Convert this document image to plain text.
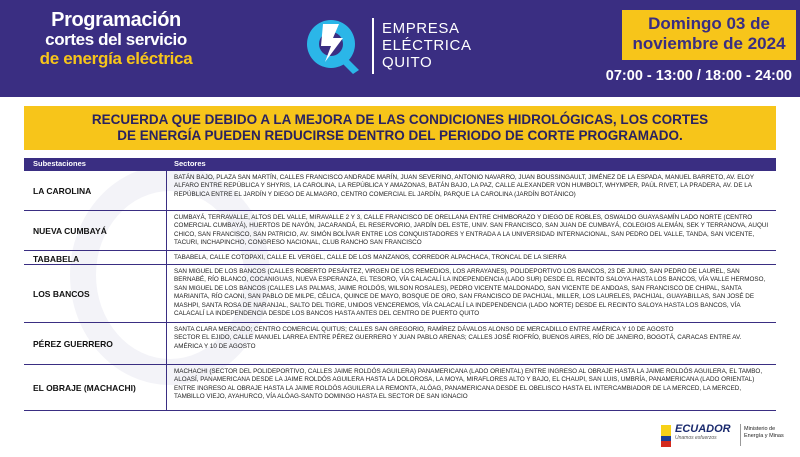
Programación
cortes del servicio
de energía eléctrica
EMPRESA
ELÉCTRICA
QUITO
Domingo 03 de
noviembre de 2024
07:00 - 13:00 / 18:00 - 24:00
RECUERDA QUE DEBIDO A LA MEJORA DE LAS CONDICIONES HIDROLÓGICAS, LOS CORTES
DE ENERGÍA PUEDEN REDUCIRSE DENTRO DEL PERIODO DE CORTE PROGRAMADO.
Subestaciones	Sectores
LA CAROLINA

BATÁN BAJO, PLAZA SAN MARTÍN, CALLES FRANCISCO ANDRADE MARÍN, JUAN SEVERINO, ANTONIO NAVARRO, JUAN BOUSSINGAULT, JIMÉNEZ DE LA ESPADA, MANUEL BARRETO, AV. ELOY ALFARO ENTRE REPÚBLICA Y SHYRIS, LA CAROLINA, LA REPÚBLICA Y AMAZONAS, BATÁN BAJO, LA PAZ, CALLE ALEXANDER VON HUMBOLT, WHYMPER, PAÚL RIVET, LA PRADERA, AV. DE LA REPÚBLICA ENTRE EL JARDÍN Y DIEGO DE ALMAGRO, CENTRO COMERCIAL EL JARDÍN, PARQUE LA CAROLINA (JARDÍN BOTÁNICO)

NUEVA CUMBAYÁ

CUMBAYÁ, TERRAVALLE, ALTOS DEL VALLE, MIRAVALLE 2 Y 3, CALLE FRANCISCO DE ORELLANA ENTRE CHIMBORAZO Y DIEGO DE ROBLES, OSWALDO GUAYASAMÍN LADO NORTE (CENTRO COMERCIAL CUMBAYÁ), HUERTOS DE NAYÓN, JACARANDÁ, EL RESERVORIO, JARDÍN DEL ESTE, UNIV. SAN FRANCISCO, SAN JUAN DE CUMBAYÁ, COLEGIOS ALEMÁN, SEK Y TERRANOVA, AUQUI CHICO, SAN FRANCISCO, SAN PATRICIO, AV. SIMÓN BOLÍVAR ENTRE LOS CONQUISTADORES Y ENTRADA A LA UNIVERSIDAD INTERNACIONAL, SAN PEDRO DEL VALLE, TANDA, SAN VICENTE, TACURI, INCHAPINCHO, CONGRESO NACIONAL, CLUB RANCHO SAN FRANCISCO

TABABELA	TABABELA, CALLE COTOPAXI, CALLE EL VERGEL, CALLE DE LOS MANZANOS, CORREDOR ALPACHACA, TRONCAL DE LA SIERRA

LOS BANCOS

SAN MIGUEL DE LOS BANCOS (CALLES ROBERTO PESÁNTEZ, VIRGEN DE LOS REMEDIOS, LOS ARRAYANES), POLIDEPORTIVO LOS BANCOS, 23 DE JUNIO, SAN PEDRO DE LAUREL, SAN BERNABÉ, RÍO BLANCO, COCANIGUAS, NUEVA ESPERANZA, EL TESORO, VÍA CALACALÍ LA INDEPENDENCIA (LADO SUR) DESDE EL RECINTO SALOYA HASTA LOS BANCOS, VÍA VALLE HERMOSO, SAN MIGUEL DE LOS BANCOS (CALLES LAS PALMAS, JAIME ROLDÓS, WILSON ROSALES), PEDRO VICENTE MALDONADO, SAN VICENTE DE ANDOAS, SAN FRANCISCO DE CHIPAL, SANTA MARIANITA, RÍO CAONI, SAN PABLO DE MILPE, CÉLICA, QUINCE DE MAYO, BOSQUE DE ORO, SAN FRANCISCO DE PACHIJAL, MILLER, LOS LAURELES, PACHIJAL, GUAYABILLAS, SAN JOSÉ DE MASHPI, SANTA ROSA DE NARANJAL, SALTO DEL TIGRE, UNIDOS VENCEREMOS, VÍA CALACALÍ LA INDEPENDENCIA (LADO NORTE) DESDE EL RECINTO SALOYA HASTA LOS BANCOS, VÍA CALACALÍ LA INDEPENDENCIA DESDE LOS BANCOS HASTA ANTES DEL CENTRO DE PUERTO QUITO

PÉREZ GUERRERO

SANTA CLARA MERCADO; CENTRO COMERCIAL QUITUS; CALLES SAN GREGORIO, RAMÍREZ DÁVALOS ALONSO DE MERCADILLO ENTRE AMÉRICA Y 10 DE AGOSTO

SECTOR EL EJIDO, CALLE MANUEL LARREA ENTRE PÉREZ GUERRERO Y JUAN PABLO ARENAS; CALLES JOSÉ RIOFRÍO, BUENOS AIRES, RÍO DE JANEIRO, BOGOTÁ, CARACAS ENTRE AV. AMÉRICA Y 10 DE AGOSTO

EL OBRAJE (MACHACHI)

MACHACHI (SECTOR DEL POLIDEPORTIVO, CALLES JAIME ROLDÓS AGUILERA) PANAMERICANA (LADO ORIENTAL) ENTRE INGRESO AL OBRAJE HASTA LA JAIME ROLDÓS AGUILERA, EL TAMBO, ALOASÍ, PANAMERICANA DESDE LA JAIME ROLDÓS AGUILERA HASTA LA DOLOROSA, LA MOYA, MIRAFLORES ALTO Y BAJO, EL CHAUPI, SAN LUIS, UMBRÍA, PANAMERICANA (LADO ORIENTAL) ENTRE INGRESO AL OBRAJE HASTA LA JAIME ROLDÓS AGUILERA LA REMONTA, ALÓAG, PANAMERICANA DESDE EL OBELISCO HASTA EL INTERCAMBIADOR DE LA MERCED, LA MERCED, TAMBILLO VIEJO, AYAHURCO, VÍA ALÓAG-SANTO DOMINGO HASTA EL SECTOR DE SAN IGNACIO

ECUADOR
Unamos esfuerzos
Ministerio de
Energía y Minas
